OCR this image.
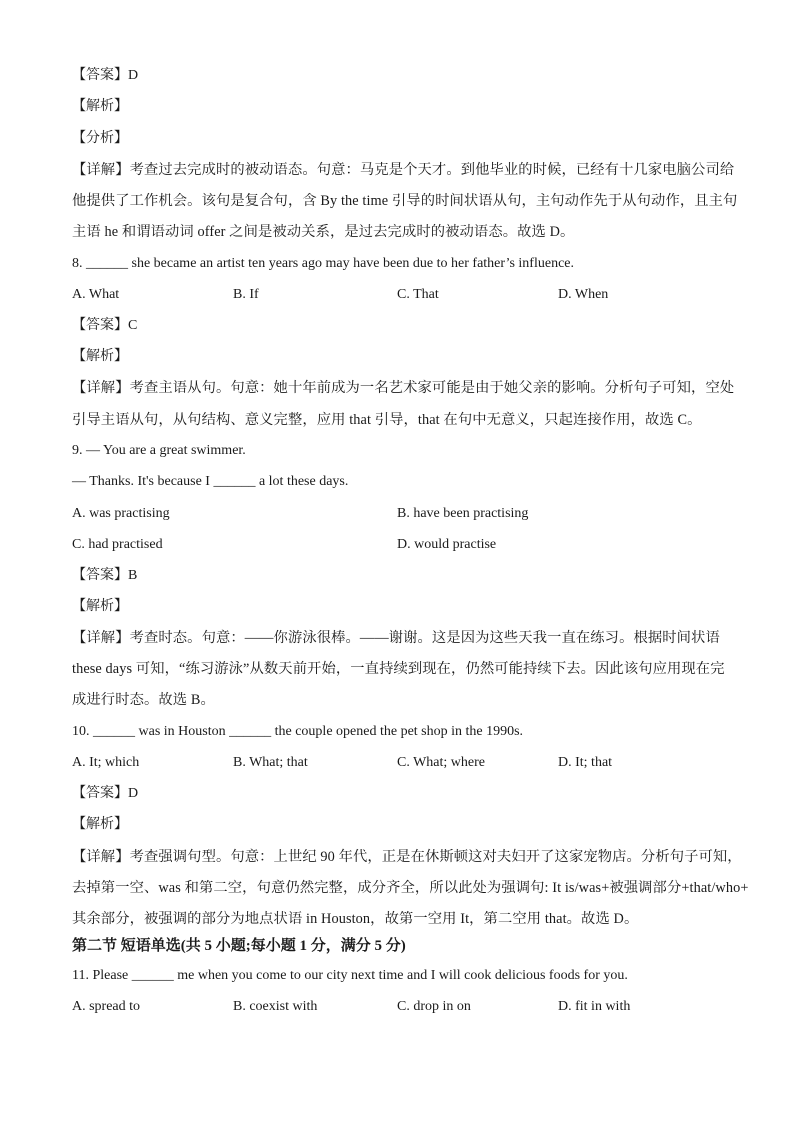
【答案】D
【解析】
【分析】
【详解】考查过去完成时的被动语态。句意：马克是个天才。到他毕业的时候，已经有十几家电脑公司给
他提供了工作机会。该句是复合句，含 By the time 引导的时间状语从句，主句动作先于从句动作，且主句
主语 he 和谓语动词 offer 之间是被动关系，是过去完成时的被动语态。故选 D。
8. ______ she became an artist ten years ago may have been due to her father’s influence.
A. What	B. If	C. That	D. When
【答案】C
【解析】
【详解】考查主语从句。句意：她十年前成为一名艺术家可能是由于她父亲的影响。分析句子可知，空处
引导主语从句，从句结构、意义完整，应用 that 引导，that 在句中无意义，只起连接作用，故选 C。
9. — You are a great swimmer.
— Thanks. It's because I ______ a lot these days.
A. was practising	B. have been practising
C. had practised	D. would practise
【答案】B
【解析】
【详解】考查时态。句意：——你游泳很棒。——谢谢。这是因为这些天我一直在练习。根据时间状语
these days 可知，“练习游泳”从数天前开始，一直持续到现在，仍然可能持续下去。因此该句应用现在完
成进行时态。故选 B。
10. ______ was in Houston ______ the couple opened the pet shop in the 1990s.
A. It; which	B. What; that	C. What; where	D. It; that
【答案】D
【解析】
【详解】考查强调句型。句意：上世纪 90 年代，正是在休斯顿这对夫妇开了这家宠物店。分析句子可知，
去掉第一空、was 和第二空，句意仍然完整，成分齐全，所以此处为强调句: It is/was+被强调部分+that/who+
其余部分，被强调的部分为地点状语 in Houston，故第一空用 It，第二空用 that。故选 D。
第二节 短语单选(共 5 小题;每小题 1 分，满分 5 分)
11. Please ______ me when you come to our city next time and I will cook delicious foods for you.
A. spread to	B. coexist with	C. drop in on	D. fit in with
